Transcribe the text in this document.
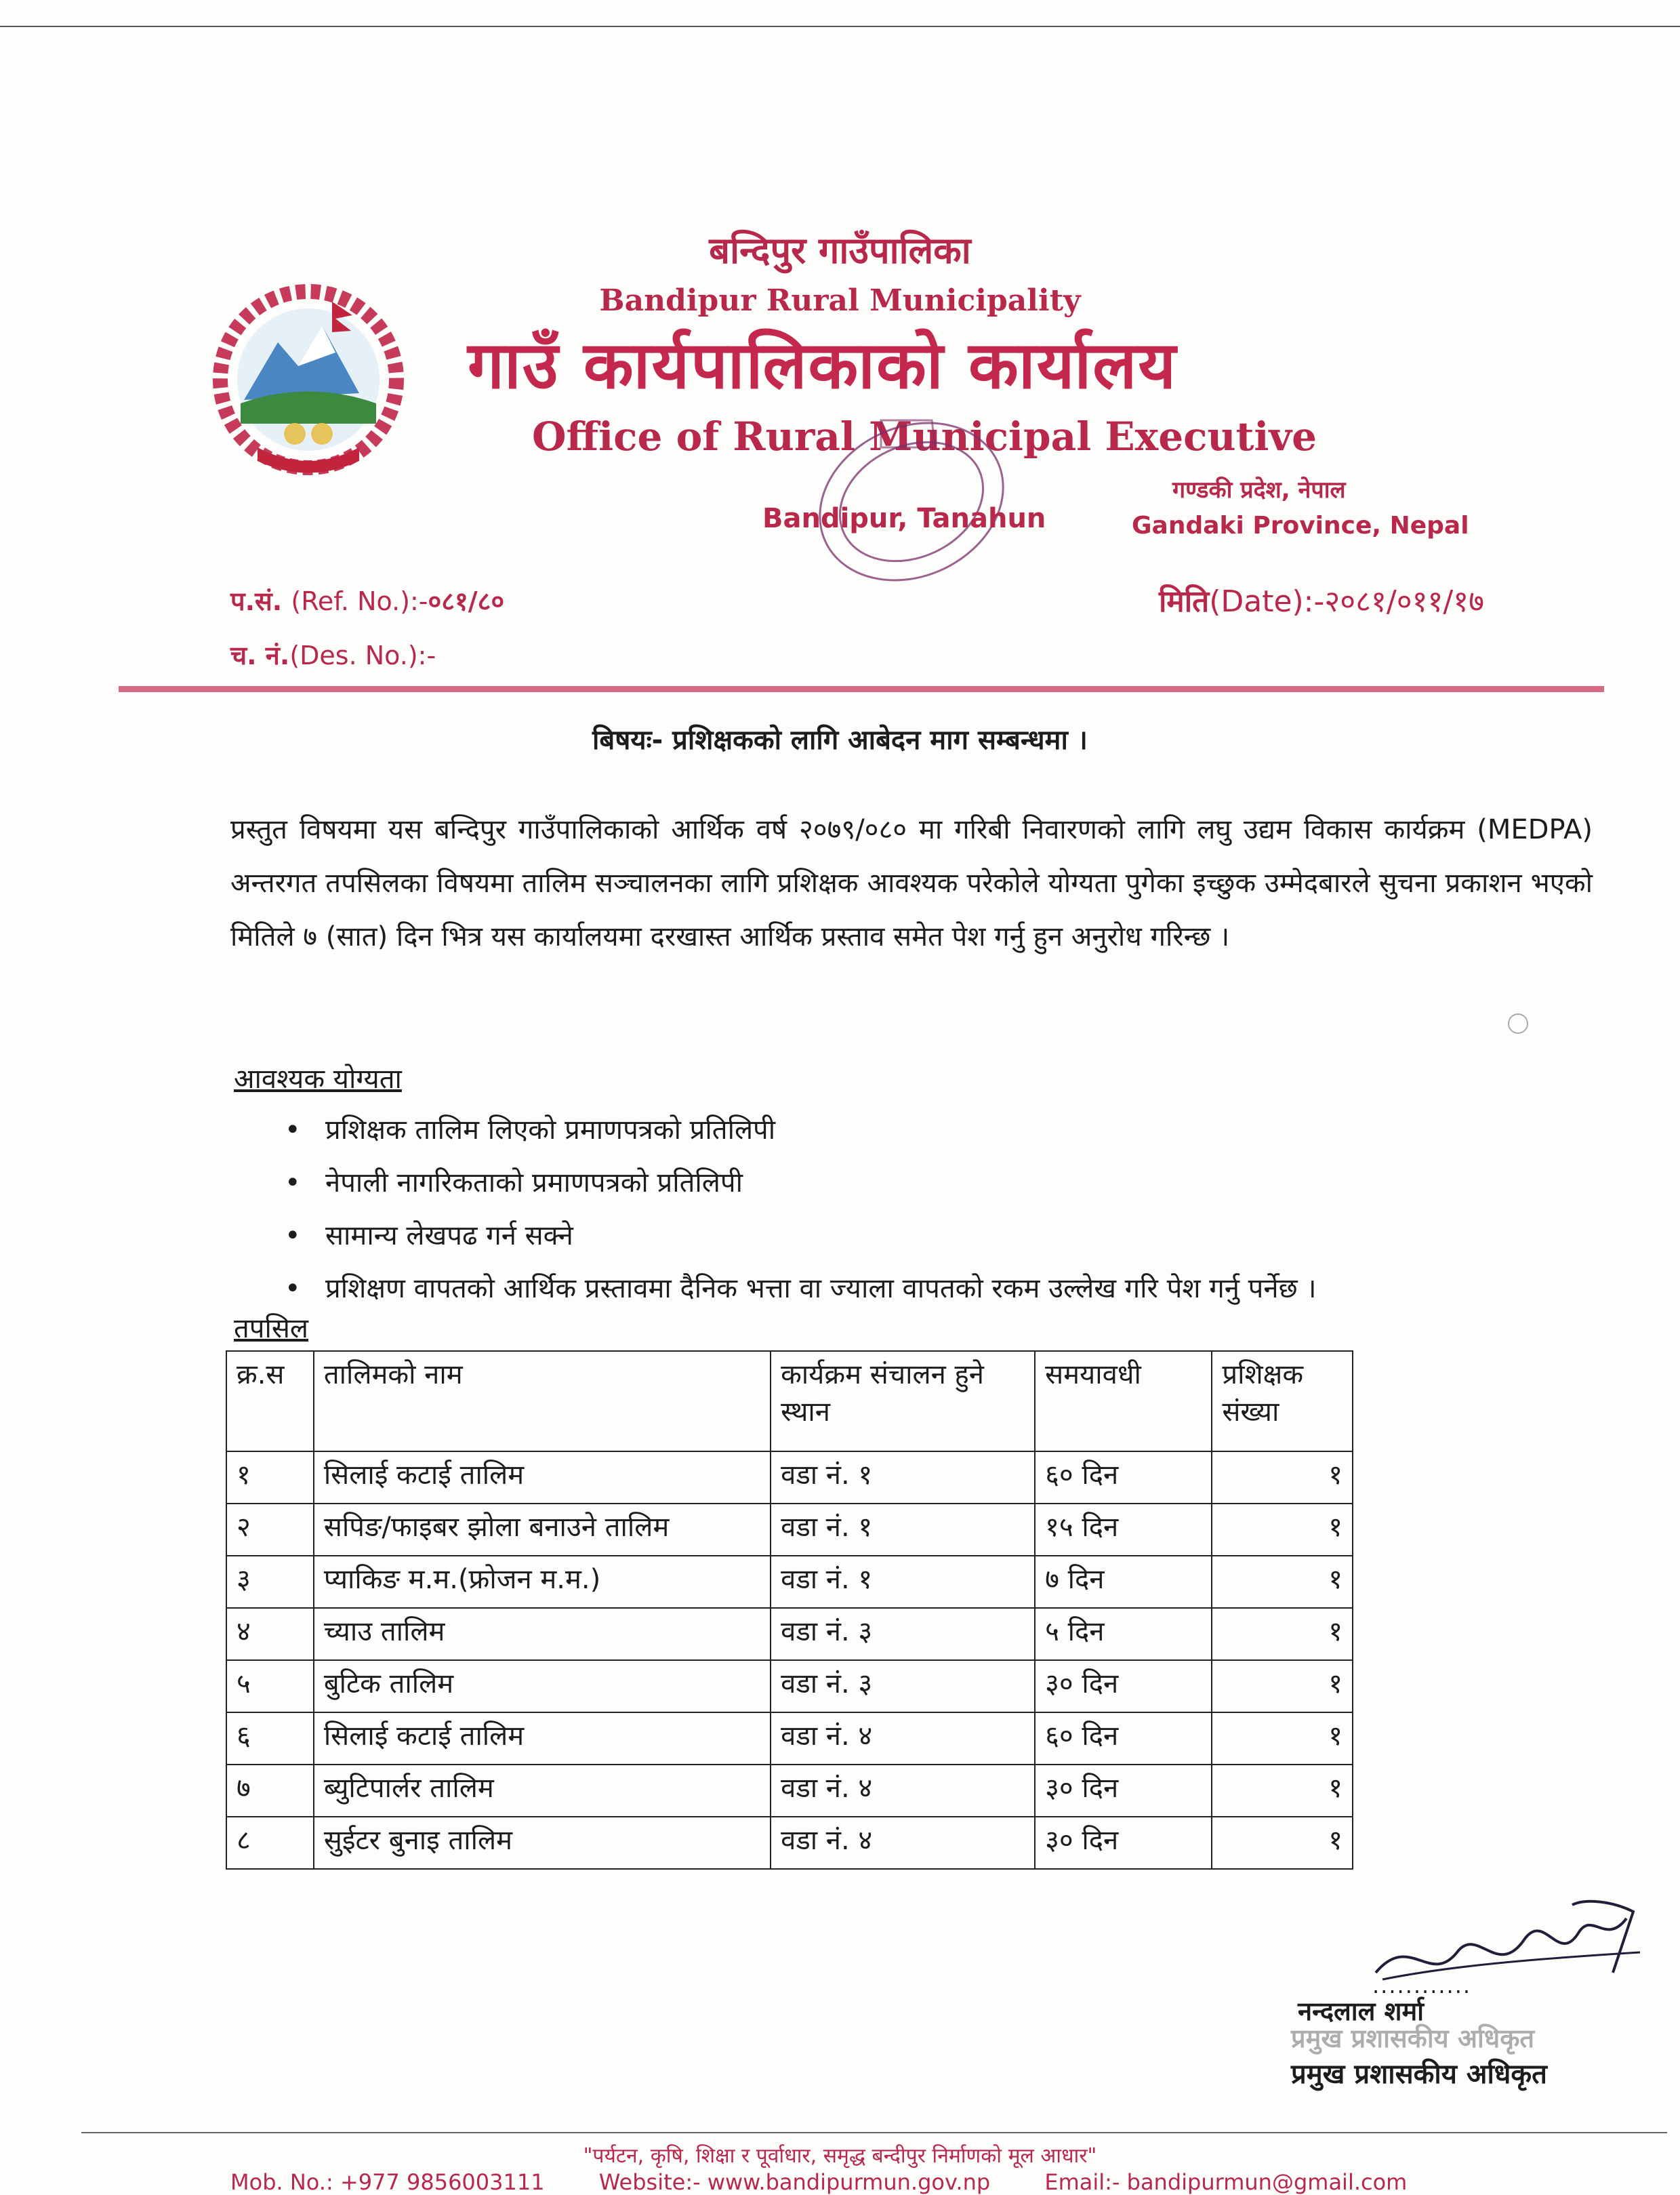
बन्दिपुर गाउँपालिका
Bandipur Rural Municipality
गाउँ कार्यपालिकाको कार्यालय
Office of Rural Municipal Executive
Bandipur, Tanahun
गण्डकी प्रदेश, नेपाल
Gandaki Province, Nepal
प.सं. (Ref. No.):-०८१/८०	मिति(Date):-२०८१/०११/१७
च. नं.(Des. No.):-
बिषयः- प्रशिक्षकको लागि आबेदन माग सम्बन्धमा ।
प्रस्तुत विषयमा यस बन्दिपुर गाउँपालिकाको आर्थिक वर्ष २०७९/०८० मा गरिबी निवारणको लागि लघु उद्यम विकास कार्यक्रम (MEDPA) अन्तरगत तपसिलका विषयमा तालिम सञ्चालनका लागि प्रशिक्षक आवश्यक परेकोले योग्यता पुगेका इच्छुक उम्मेदबारले सुचना प्रकाशन भएको मितिले ७ (सात) दिन भित्र यस कार्यालयमा दरखास्त आर्थिक प्रस्ताव समेत पेश गर्नु हुन अनुरोध गरिन्छ ।
आवश्यक योग्यता
• प्रशिक्षक तालिम लिएको प्रमाणपत्रको प्रतिलिपी
• नेपाली नागरिकताको प्रमाणपत्रको प्रतिलिपी
• सामान्य लेखपढ गर्न सक्ने
• प्रशिक्षण वापतको आर्थिक प्रस्तावमा दैनिक भत्ता वा ज्याला वापतको रकम उल्लेख गरि पेश गर्नु पर्नेछ ।
तपसिल
क्र.स	तालिमको नाम	कार्यक्रम संचालन हुने स्थान	समयावधी	प्रशिक्षक संख्या
१	सिलाई कटाई तालिम	वडा नं. १	६० दिन	१
२	सपिङ/फाइबर झोला बनाउने तालिम	वडा नं. १	१५ दिन	१
३	प्याकिङ म.म.(फ्रोजन म.म.)	वडा नं. १	७ दिन	१
४	च्याउ तालिम	वडा नं. ३	५ दिन	१
५	बुटिक तालिम	वडा नं. ३	३० दिन	१
६	सिलाई कटाई तालिम	वडा नं. ४	६० दिन	१
७	ब्युटिपार्लर तालिम	वडा नं. ४	३० दिन	१
८	सुईटर बुनाइ तालिम	वडा नं. ४	३० दिन	१
............
नन्दलाल शर्मा
प्रमुख प्रशासकीय अधिकृत
प्रमुख प्रशासकीय अधिकृत
"पर्यटन, कृषि, शिक्षा र पूर्वाधार, समृद्ध बन्दीपुर निर्माणको मूल आधार"
Mob. No.: +977 9856003111	Website:- www.bandipurmun.gov.np	Email:- bandipurmun@gmail.com
